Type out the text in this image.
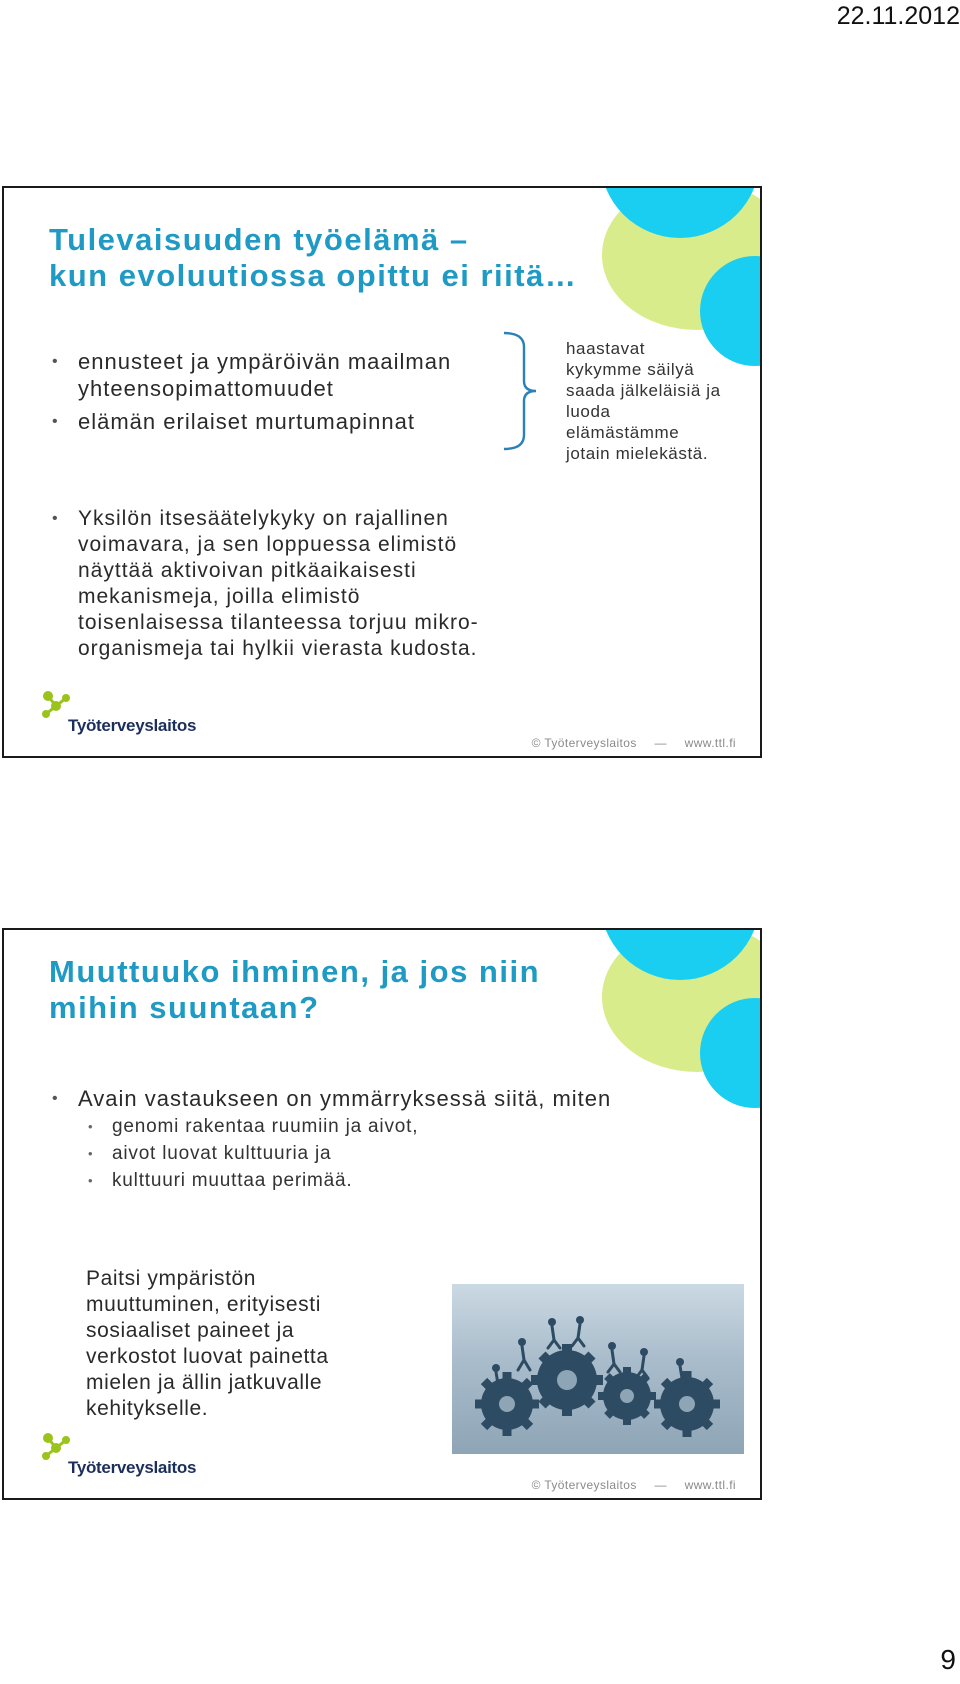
22.11.2012
Tulevaisuuden työelämä –
kun evoluutiossa opittu ei riitä…
• ennusteet ja ympäröivän maailman
yhteensopimattomuudet
• elämän erilaiset murtumapinnat
haastavat
kykymme säilyä
saada jälkeläisiä ja
luoda
elämästämme
jotain mielekästä.
• Yksilön itsesäätelykyky on rajallinen
voimavara, ja sen loppuessa elimistö
näyttää aktivoivan pitkäaikaisesti
mekanismeja, joilla elimistö
toisenlaisessa tilanteessa torjuu mikro-
organismeja tai hylkii vierasta kudosta.
Työterveyslaitos
© Työterveyslaitos — www.ttl.fi
Muuttuuko ihminen, ja jos niin
mihin suuntaan?
• Avain vastaukseen on ymmärryksessä siitä, miten
• genomi rakentaa ruumiin ja aivot,
• aivot luovat kulttuuria ja
• kulttuuri muuttaa perimää.
Paitsi ympäristön
muuttuminen, erityisesti
sosiaaliset paineet ja
verkostot luovat painetta
mielen ja ällin jatkuvalle
kehitykselle.
Työterveyslaitos
© Työterveyslaitos — www.ttl.fi
9
